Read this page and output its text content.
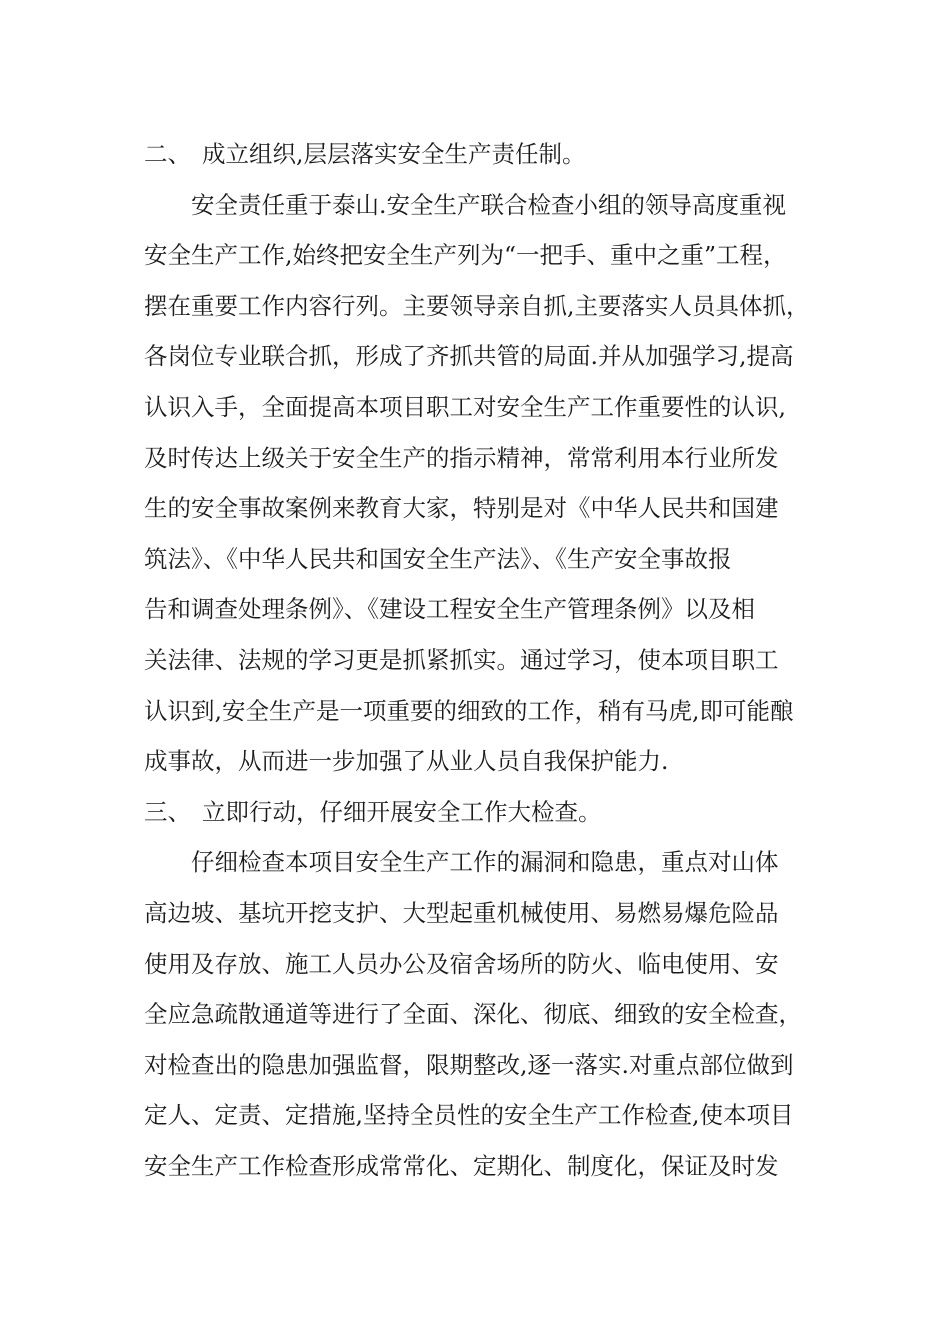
二、 成立组织,层层落实安全生产责任制。
安全责任重于泰山.安全生产联合检查小组的领导高度重视
安全生产工作,始终把安全生产列为“一把手、重中之重”工程，
摆在重要工作内容行列。主要领导亲自抓,主要落实人员具体抓，
各岗位专业联合抓，形成了齐抓共管的局面.并从加强学习,提高
认识入手，全面提高本项目职工对安全生产工作重要性的认识,
及时传达上级关于安全生产的指示精神，常常利用本行业所发
生的安全事故案例来教育大家，特别是对《中华人民共和国建
筑法》、《中华人民共和国安全生产法》、《生产安全事故报
告和调查处理条例》、《建设工程安全生产管理条例》以及相
关法律、法规的学习更是抓紧抓实。通过学习，使本项目职工
认识到,安全生产是一项重要的细致的工作，稍有马虎,即可能酿
成事故，从而进一步加强了从业人员自我保护能力.
三、 立即行动，仔细开展安全工作大检查。
仔细检查本项目安全生产工作的漏洞和隐患，重点对山体
高边坡、基坑开挖支护、大型起重机械使用、易燃易爆危险品
使用及存放、施工人员办公及宿舍场所的防火、临电使用、安
全应急疏散通道等进行了全面、深化、彻底、细致的安全检查，
对检查出的隐患加强监督，限期整改,逐一落实.对重点部位做到
定人、定责、定措施,坚持全员性的安全生产工作检查,使本项目
安全生产工作检查形成常常化、定期化、制度化，保证及时发
